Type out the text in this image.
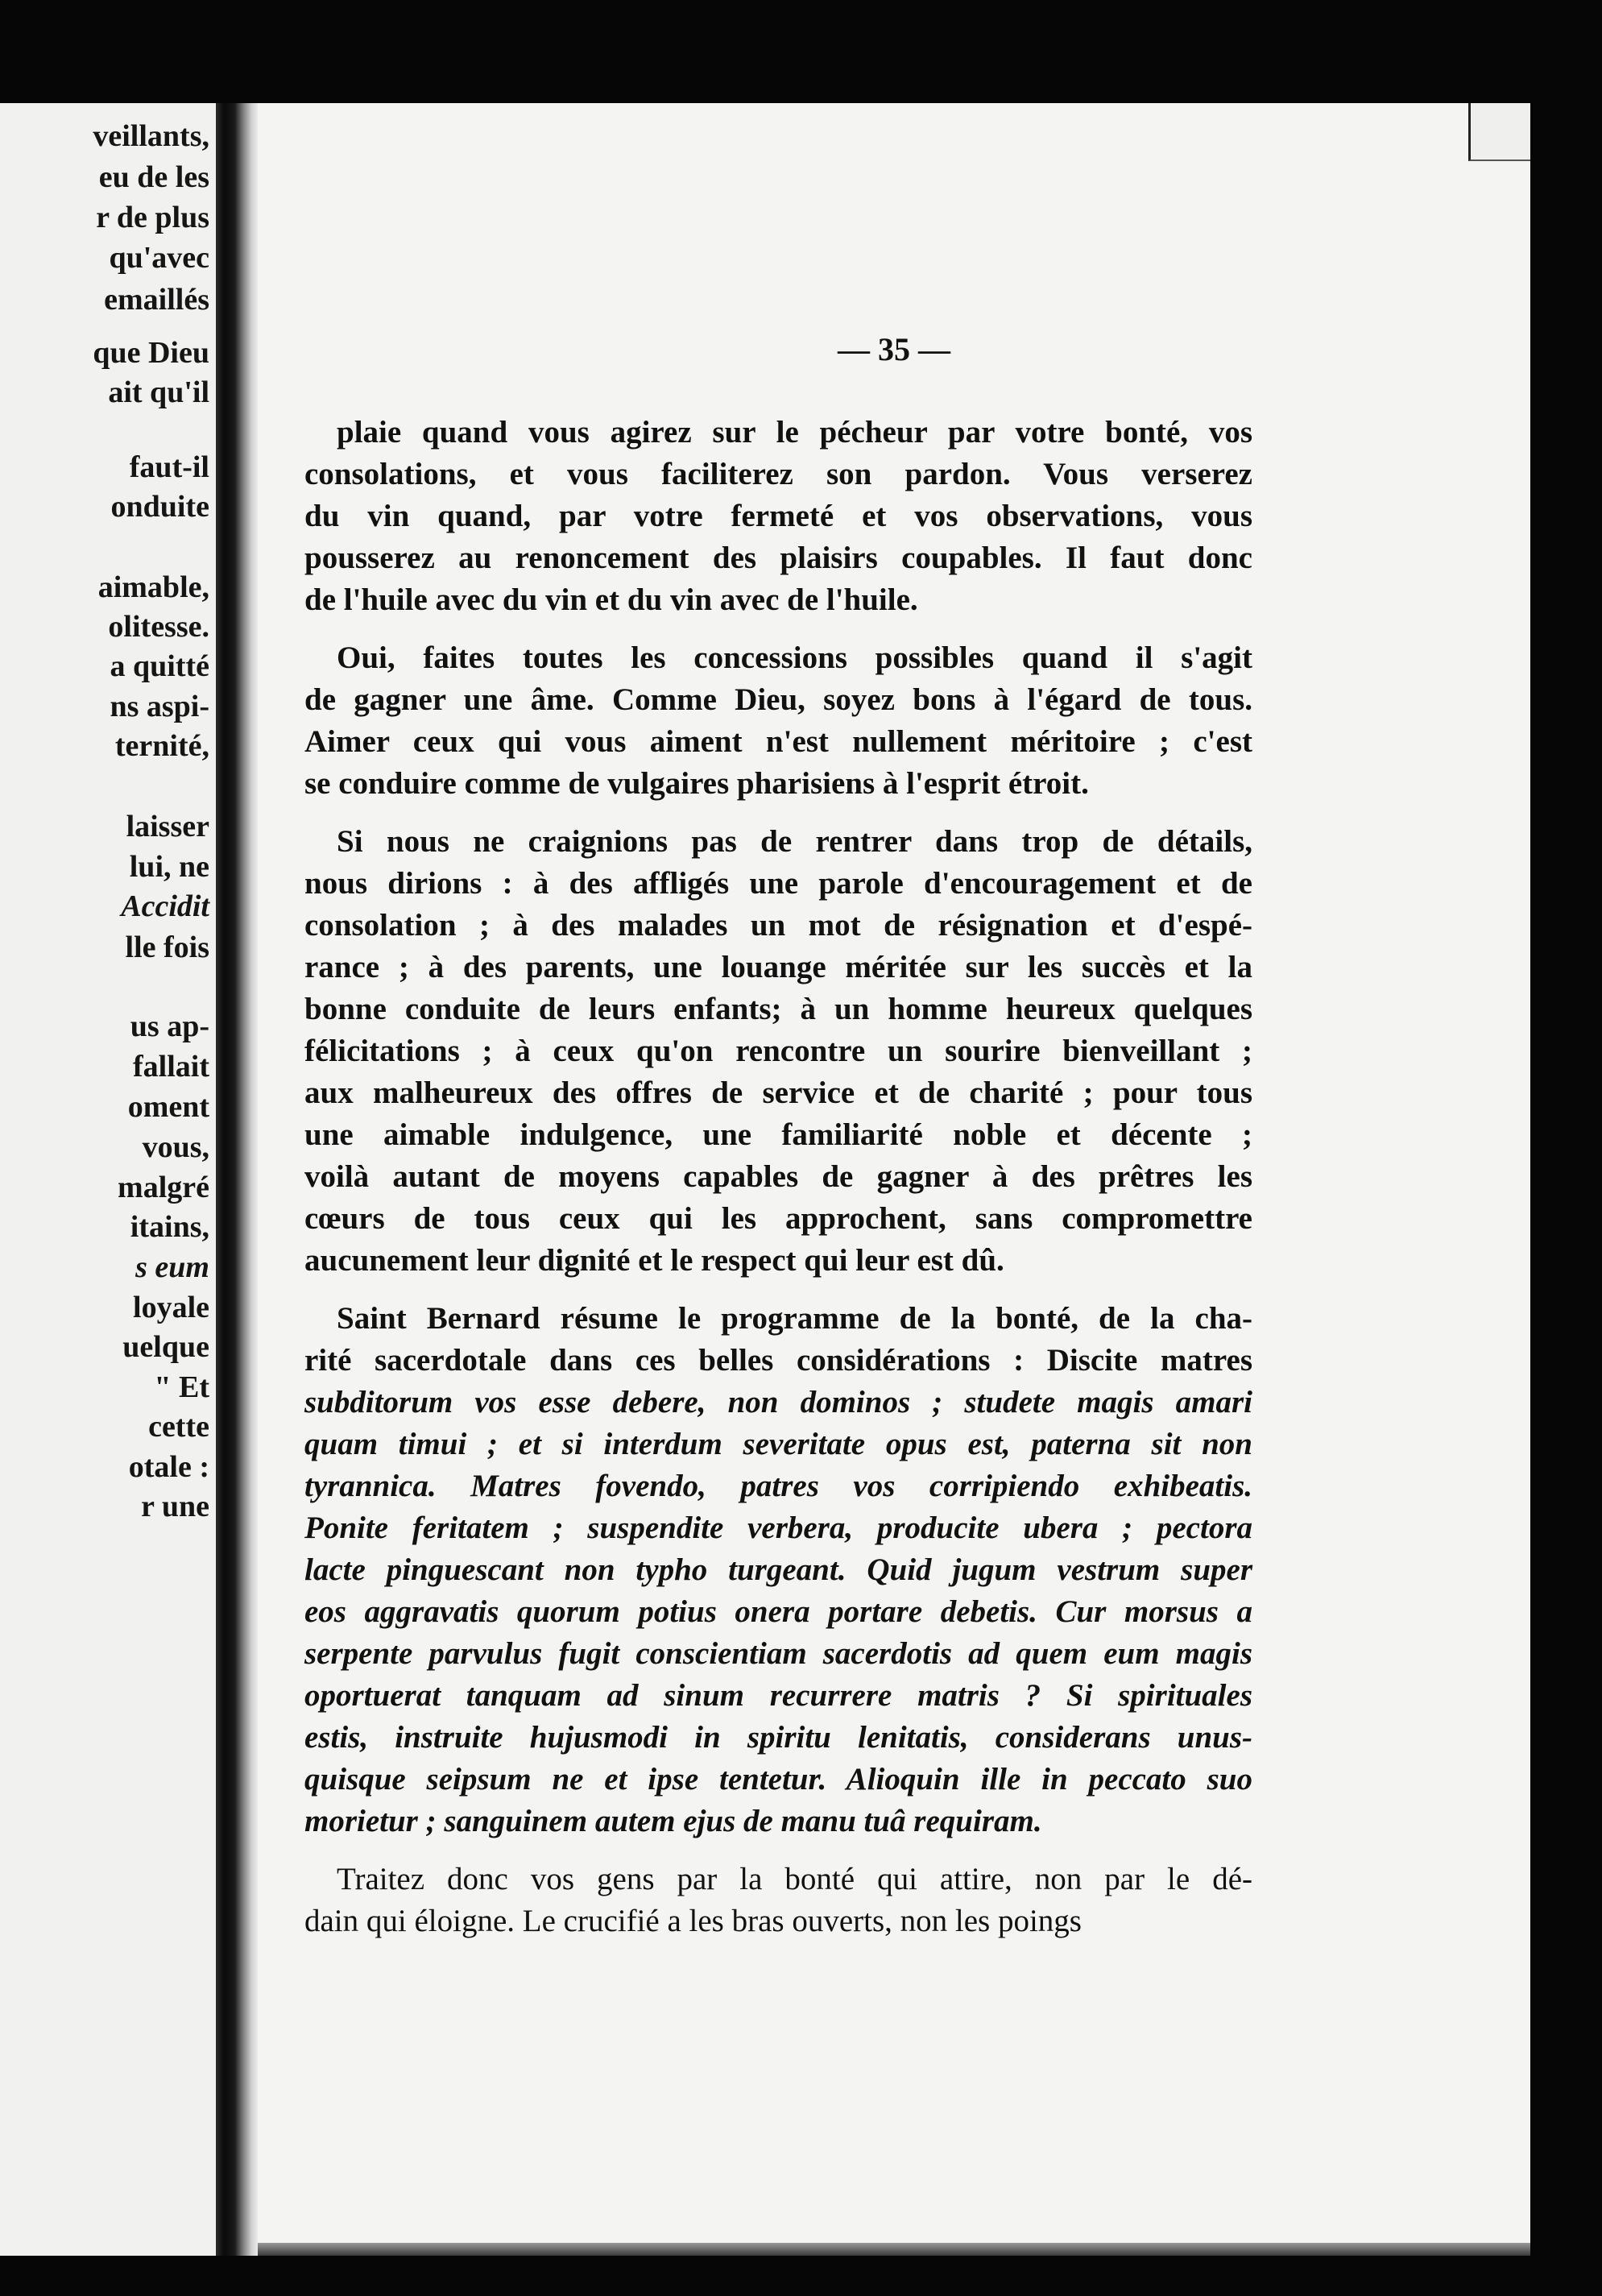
veillants,
eu de les
r de plus
qu'avec
emaillés
que Dieu
ait qu'il
faut-il
onduite
aimable,
olitesse.
a quitté
ns aspi-
ternité,
laisser
lui, ne
Accidit
lle fois
us ap-
fallait
oment
vous,
malgré
itains,
s eum
loyale
uelque
" Et
cette
otale :
r une
— 35 —
plaie quand vous agirez sur le pécheur par votre bonté, vos
consolations, et vous faciliterez son pardon. Vous verserez
du vin quand, par votre fermeté et vos observations, vous
pousserez au renoncement des plaisirs coupables. Il faut donc
de l'huile avec du vin et du vin avec de l'huile.
Oui, faites toutes les concessions possibles quand il s'agit
de gagner une âme. Comme Dieu, soyez bons à l'égard de tous.
Aimer ceux qui vous aiment n'est nullement méritoire ; c'est
se conduire comme de vulgaires pharisiens à l'esprit étroit.
Si nous ne craignions pas de rentrer dans trop de détails,
nous dirions : à des affligés une parole d'encouragement et de
consolation ; à des malades un mot de résignation et d'espé-
rance ; à des parents, une louange méritée sur les succès et la
bonne conduite de leurs enfants; à un homme heureux quelques
félicitations ; à ceux qu'on rencontre un sourire bienveillant ;
aux malheureux des offres de service et de charité ; pour tous
une aimable indulgence, une familiarité noble et décente ;
voilà autant de moyens capables de gagner à des prêtres les
cœurs de tous ceux qui les approchent, sans compromettre
aucunement leur dignité et le respect qui leur est dû.
Saint Bernard résume le programme de la bonté, de la cha-
rité sacerdotale dans ces belles considérations : Discite matres
subditorum vos esse debere, non dominos ; studete magis amari
quam timui ; et si interdum severitate opus est, paterna sit non
tyrannica. Matres fovendo, patres vos corripiendo exhibeatis.
Ponite feritatem ; suspendite verbera, producite ubera ; pectora
lacte pinguescant non typho turgeant. Quid jugum vestrum super
eos aggravatis quorum potius onera portare debetis. Cur morsus a
serpente parvulus fugit conscientiam sacerdotis ad quem eum magis
oportuerat tanquam ad sinum recurrere matris ? Si spirituales
estis, instruite hujusmodi in spiritu lenitatis, considerans unus-
quisque seipsum ne et ipse tentetur. Alioquin ille in peccato suo
morietur ; sanguinem autem ejus de manu tuâ requiram.
Traitez donc vos gens par la bonté qui attire, non par le dé-
dain qui éloigne. Le crucifié a les bras ouverts, non les poings
